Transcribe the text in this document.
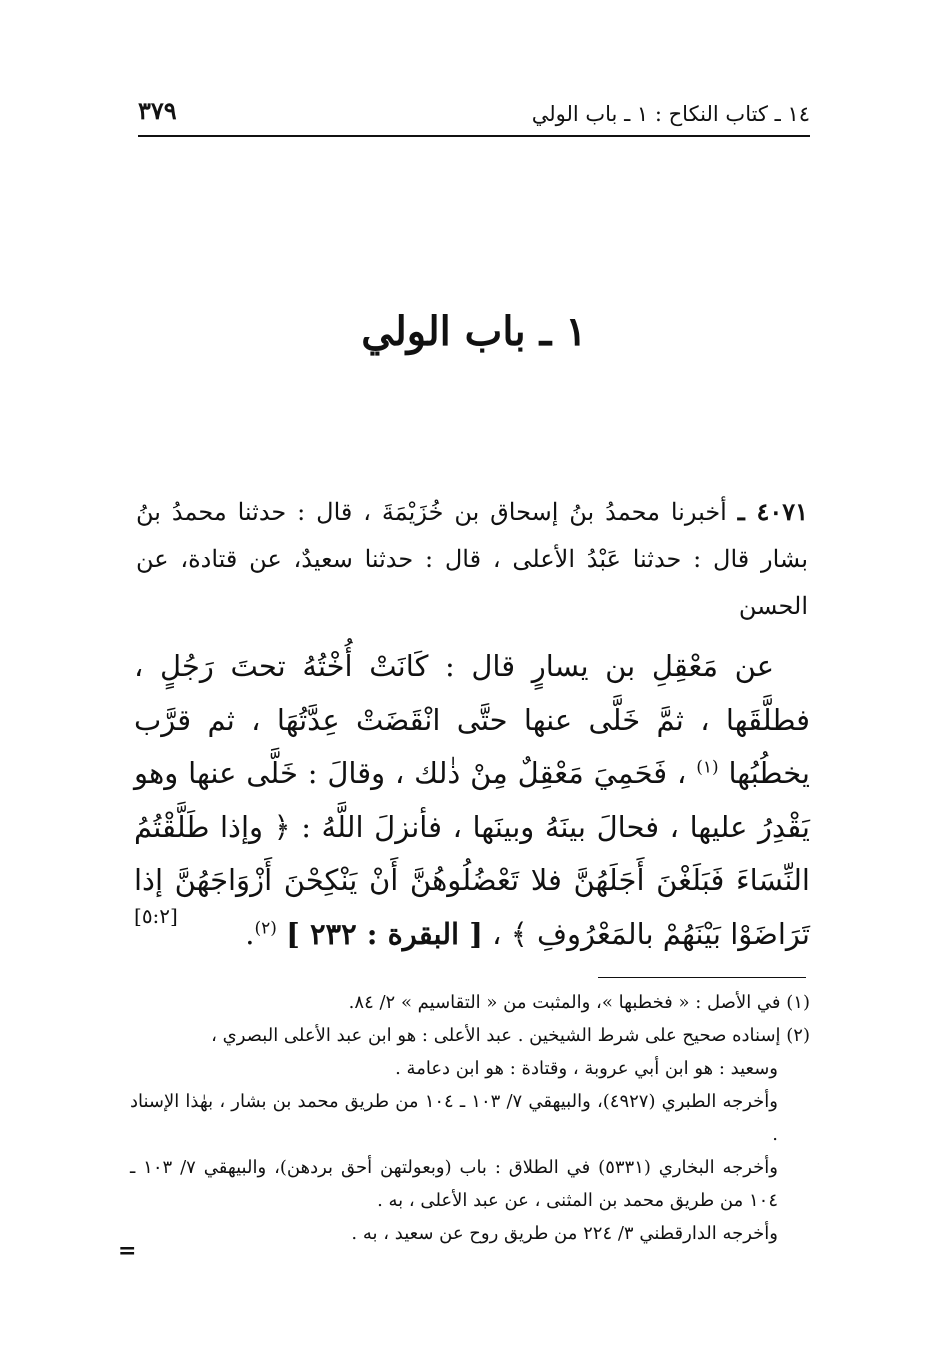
١٤ ـ كتاب النكاح : ١ ـ باب الولي
٣٧٩
١ ـ باب الولي
٤٠٧١ ـ أخبرنا محمدُ بنُ إسحاق بن خُزَيْمَةَ ، قال : حدثنا محمدُ بنُ بشار قال : حدثنا عَبْدُ الأعلى ، قال : حدثنا سعيدٌ، عن قتادة، عن الحسن
عن مَعْقِلِ بن يسارٍ قال : كَانَتْ أُخْتُهُ تحتَ رَجُلٍ ، فطلَّقَها ، ثمَّ خَلَّى عنها حتَّى انْقَضَتْ عِدَّتُهَا ، ثم قرَّب يخطُبُها $^{(١)}$ ، فَحَمِيَ مَعْقِلٌ مِنْ ذٰلك ، وقالَ : خَلَّى عنها وهو يَقْدِرُ عليها ، فحالَ بينَهُ وبينَها ، فأنزلَ اللَّهُ : ﴿ وإذا طَلَّقْتُمُ النِّسَاءَ فَبَلَغْنَ أَجَلَهُنَّ فلا تَعْضُلُوهُنَّ أَنْ يَنْكِحْنَ أَزْوَاجَهُنَّ إذا تَرَاضَوْا بَيْنَهُمْ بالمَعْرُوفِ ﴾ ، [ البقرة : ٢٣٢ ] $^{(٢)}$.
[٥:٢]
(١) في الأصل : « فخطبها »، والمثبت من « التقاسيم » ٢/ ٨٤.
(٢) إسناده صحيح على شرط الشيخين . عبد الأعلى : هو ابن عبد الأعلى البصري ،
وسعيد : هو ابن أبي عروبة ، وقتادة : هو ابن دعامة .
وأخرجه الطبري (٤٩٢٧)، والبيهقي ٧/ ١٠٣ ـ ١٠٤ من طريق محمد بن بشار ، بهٰذا الإسناد .
وأخرجه البخاري (٥٣٣١) في الطلاق : باب (وبعولتهن أحق بردهن)، والبيهقي ٧/ ١٠٣ ـ ١٠٤ من طريق محمد بن المثنى ، عن عبد الأعلى ، به .
وأخرجه الدارقطني ٣/ ٢٢٤ من طريق روح عن سعيد ، به .
=
